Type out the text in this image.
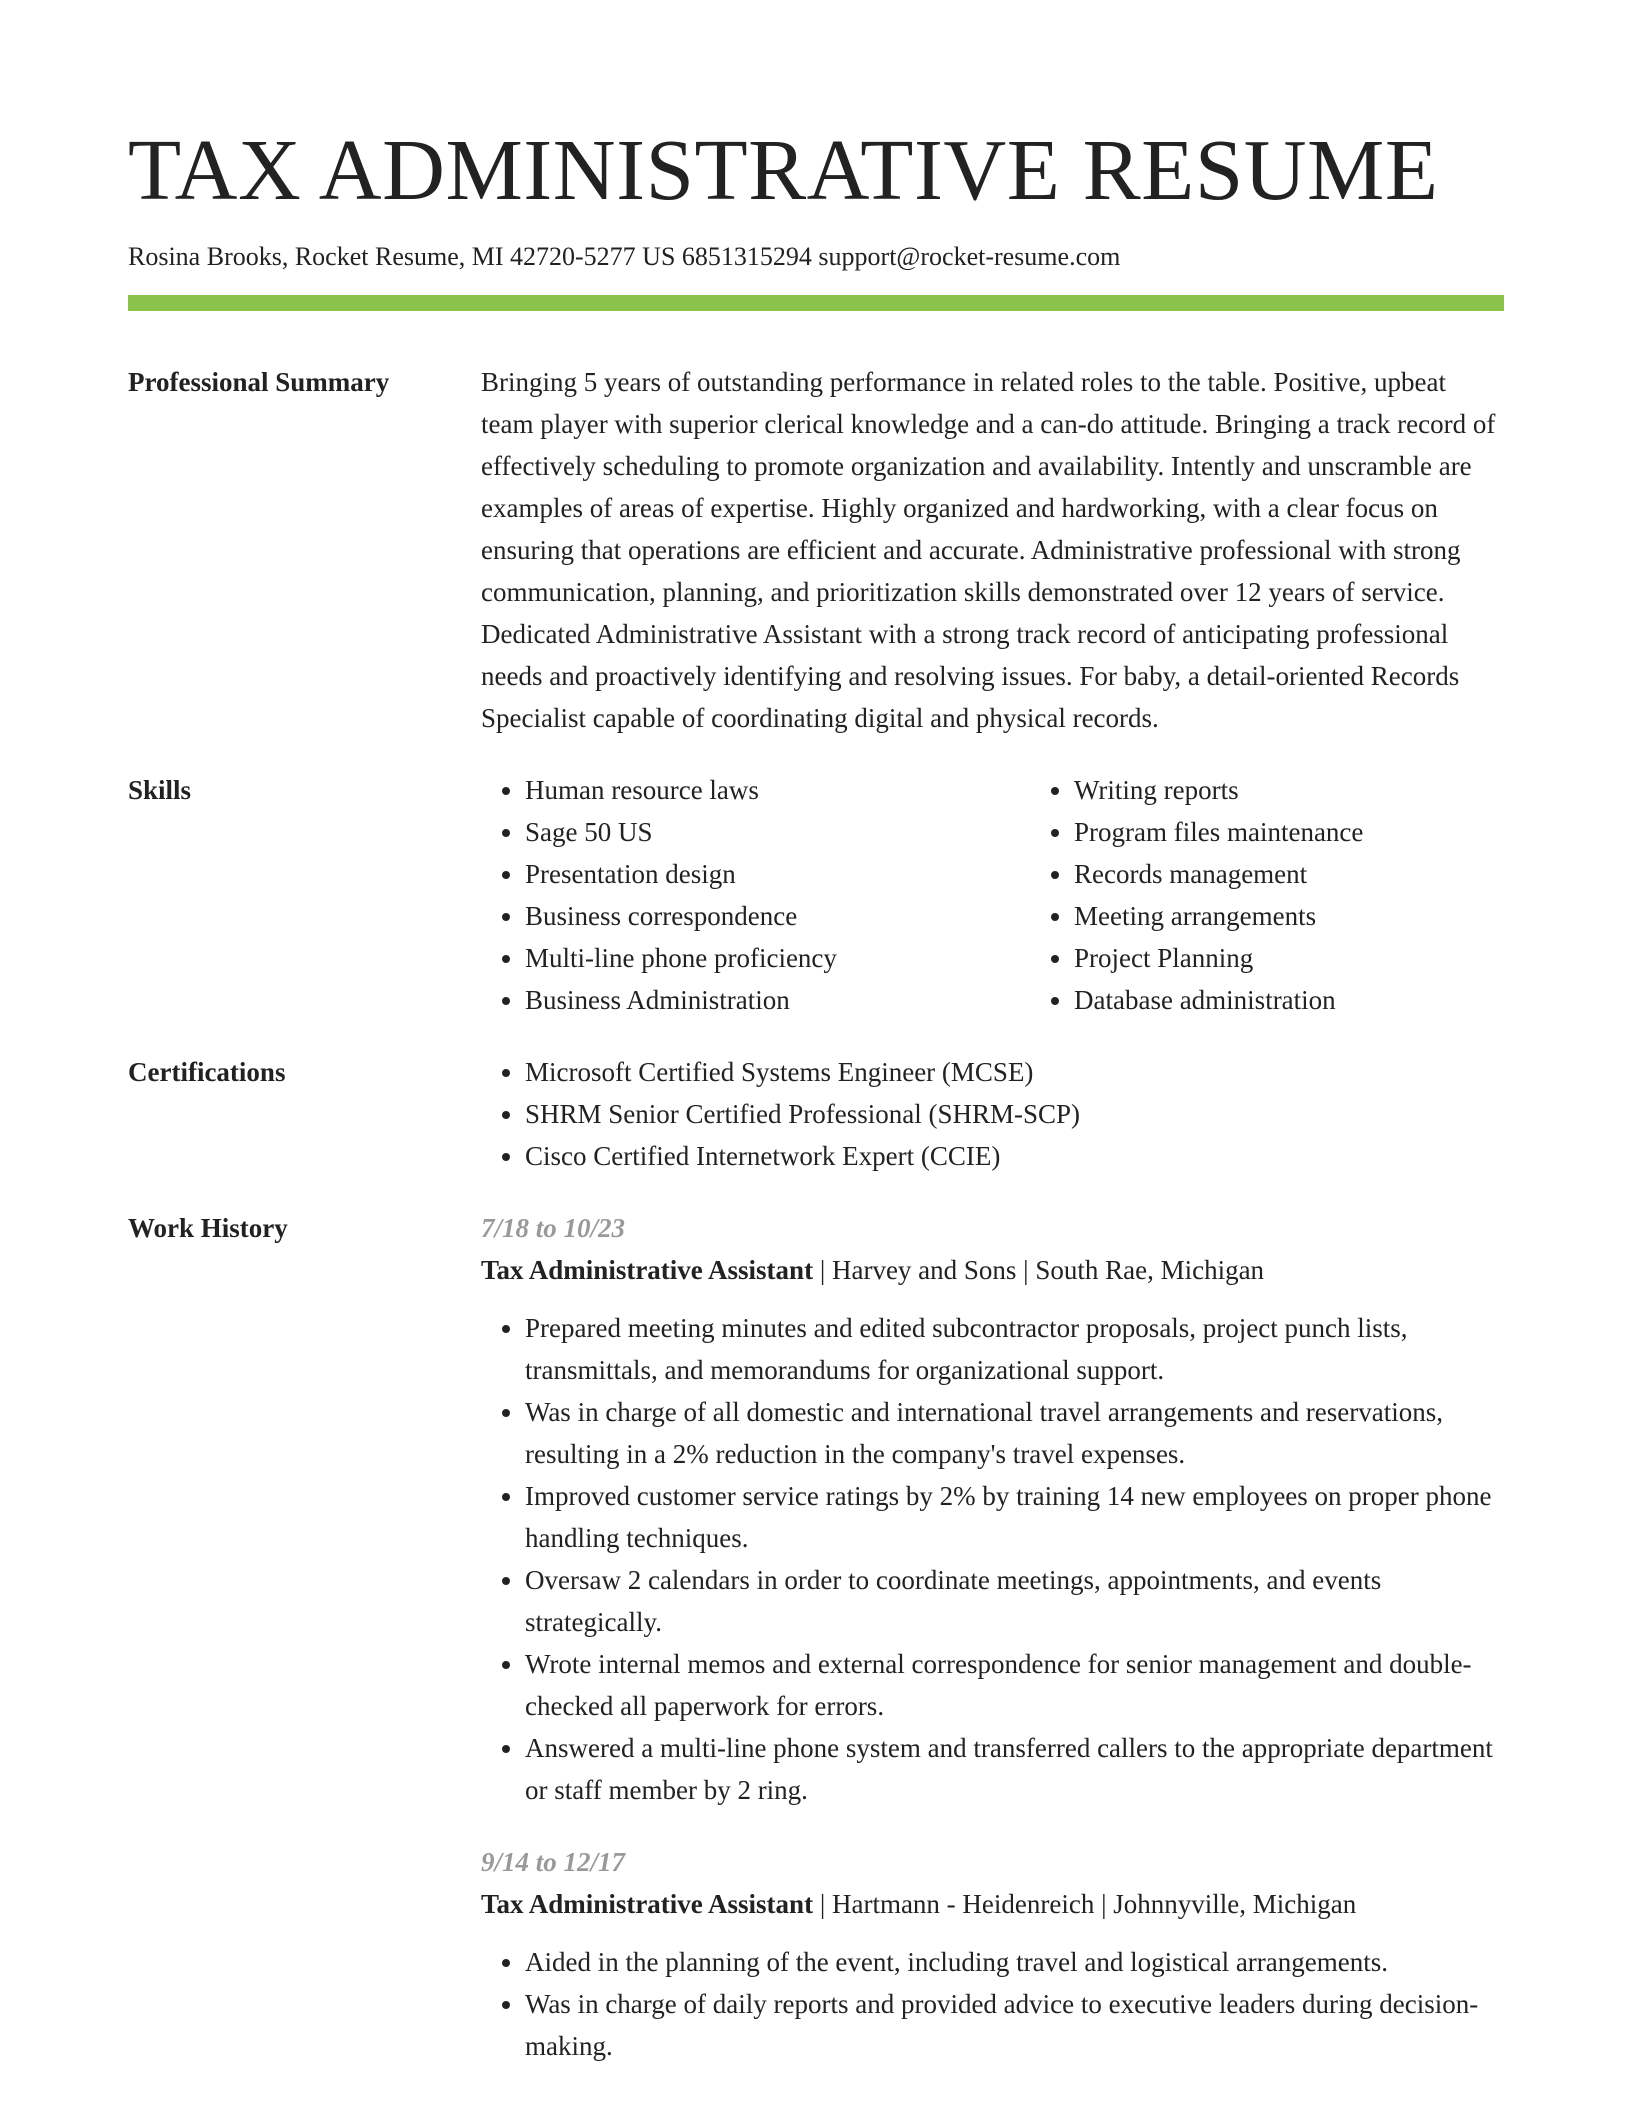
TAX ADMINISTRATIVE RESUME
Rosina Brooks, Rocket Resume, MI 42720-5277 US 6851315294 support@rocket-resume.com
Professional Summary	Bringing 5 years of outstanding performance in related roles to the table. Positive, upbeat team player with superior clerical knowledge and a can-do attitude. Bringing a track record of effectively scheduling to promote organization and availability. Intently and unscramble are examples of areas of expertise. Highly organized and hardworking, with a clear focus on ensuring that operations are efficient and accurate. Administrative professional with strong communication, planning, and prioritization skills demonstrated over 12 years of service. Dedicated Administrative Assistant with a strong track record of anticipating professional needs and proactively identifying and resolving issues. For baby, a detail-oriented Records Specialist capable of coordinating digital and physical records.

Skills	• Human resource laws
• Sage 50 US
• Presentation design
• Business correspondence
• Multi-line phone proficiency
• Business Administration
• Writing reports
• Program files maintenance
• Records management
• Meeting arrangements
• Project Planning
• Database administration
Certifications	• Microsoft Certified Systems Engineer (MCSE)
• SHRM Senior Certified Professional (SHRM-SCP)
• Cisco Certified Internetwork Expert (CCIE)
Work History	7/18 to 10/23
Tax Administrative Assistant | Harvey and Sons | South Rae, Michigan
• Prepared meeting minutes and edited subcontractor proposals, project punch lists, transmittals, and memorandums for organizational support.
• Was in charge of all domestic and international travel arrangements and reservations, resulting in a 2% reduction in the company's travel expenses.
• Improved customer service ratings by 2% by training 14 new employees on proper phone handling techniques.
• Oversaw 2 calendars in order to coordinate meetings, appointments, and events strategically.
• Wrote internal memos and external correspondence for senior management and double-checked all paperwork for errors.
• Answered a multi-line phone system and transferred callers to the appropriate department or staff member by 2 ring.
9/14 to 12/17
Tax Administrative Assistant | Hartmann - Heidenreich | Johnnyville, Michigan
• Aided in the planning of the event, including travel and logistical arrangements.
• Was in charge of daily reports and provided advice to executive leaders during decision-making.
